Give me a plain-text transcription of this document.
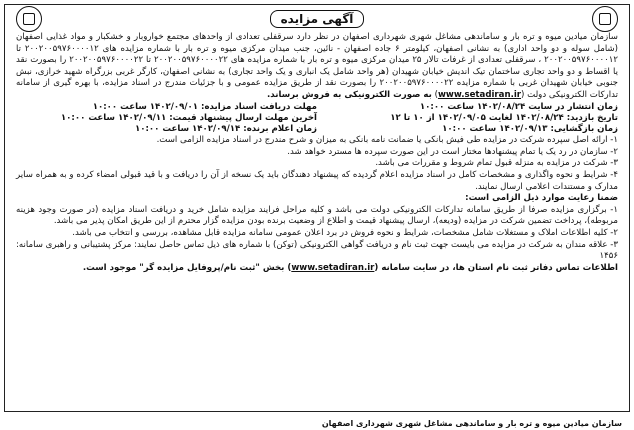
آگهی مزایده

سازمان میادین میوه و تره بار و ساماندهی مشاغل شهری شهرداری اصفهان در نظر دارد سرقفلی تعدادی از واحدهای مجتمع خواروبار و خشکبار و مواد غذایی اصفهان (شامل سوله و دو واحد اداری) به نشانی اصفهان، کیلومتر ۶ جاده اصفهان - نائین، جنب میدان مرکزی میوه و تره بار با شماره مزایده های ۲۰۰۲۰۰۵۹۷۶۰۰۰۰۱۲ تا ۲۰۰۲۰۰۵۹۷۶۰۰۰۰۱۲ ، سرقفلی تعدادی از غرفات تالار ۲۵ میدان مرکزی میوه و تره بار با شماره مزایده های ۲۰۰۲۰۰۵۹۷۶۰۰۰۰۲۲ تا ۲۰۰۲۰۰۵۹۷۶۰۰۰۰۲۲ را بصورت نقد یا اقساط و دو واحد تجاری ساختمان تیک اندیش خیابان شهیدان (هر واحد شامل یک انباری و یک واحد تجاری) به نشانی اصفهان، کارگر غربی بزرگراه شهید خرازی، نبش جنوبی خیابان شهیدان غربی با شماره مزایده ۲۰۰۲۰۰۵۹۷۶۰۰۰۰۲۲ را بصورت نقد از طریق مزایده عمومی و با جزئیات مندرج در اسناد مزایده، با بهره گیری از سامانه تدارکات الکترونیکی دولت (www.setadiran.ir) به صورت الکترونیکی به فروش برساند.

زمان انتشار در سایت ۱۴۰۲/۰۸/۲۴ ساعت ۱۰:۰۰

تاریخ بازدید: ۱۴۰۲/۰۸/۲۴ لغایت ۱۴۰۲/۰۹/۰۵ از ۱۰ تا ۱۲

زمان بازگشایی: ۱۴۰۲/۰۹/۱۳ ساعت ۱۰:۰۰

مهلت دریافت اسناد مزایده: ۱۴۰۲/۰۹/۰۱ ساعت ۱۰:۰۰

آخرین مهلت ارسال پیشنهاد قیمت: ۱۴۰۲/۰۹/۱۱ ساعت ۱۰:۰۰

زمان اعلام برنده: ۱۴۰۲/۰۹/۱۴ ساعت ۱۰:۰۰

۱- ارائه اصل سپرده شرکت در مزایده طی فیش بانکی یا ضمانت نامه بانکی به میزان و شرح مندرج در اسناد مزایده الزامی است.

۲- سازمان در رد یک یا تمام پیشنهادها مختار است در این صورت سپرده ها مسترد خواهد شد.

۳- شرکت در مزایده به منزله قبول تمام شروط و مقررات می باشد.

۴- شرایط و نحوه واگذاری و مشخصات کامل در اسناد مزایده اعلام گردیده که پیشنهاد دهندگان باید یک نسخه از آن را دریافت و با قید قبولی امضاء کرده و به همراه سایر مدارک و مستندات اعلامی ارسال نمایند.

ضمنا رعایت موارد ذیل الزامی است:

۱- برگزاری مزایده صرفا از طریق سامانه تدارکات الکترونیکی دولت می باشد و کلیه مراحل فرایند مزایده شامل خرید و دریافت اسناد مزایده (در صورت وجود هزینه مربوطه)، پرداخت تضمین شرکت در مزایده (ودیعه)، ارسال پیشنهاد قیمت و اطلاع از وضعیت برنده بودن مزایده گزار محترم از این طریق امکان پذیر می باشد.

۲- کلیه اطلاعات املاک و مستغلات شامل مشخصات، شرایط و نحوه فروش در برد اعلان عمومی سامانه مزایده قابل مشاهده، بررسی و انتخاب می باشد.

۳- علاقه مندان به شرکت در مزایده می بایست جهت ثبت نام و دریافت گواهی الکترونیکی (توکن) با شماره های ذیل تماس حاصل نمایند: مرکز پشتیبانی و راهبری سامانه: ۱۴۵۶

اطلاعات تماس دفاتر ثبت نام استان ها، در سایت سامانه (www.setadiran.ir) بخش "ثبت نام/پروفایل مزایده گر" موجود است.

سازمان میادین میوه و تره بار و ساماندهی مشاغل شهری شهرداری اصفهان
